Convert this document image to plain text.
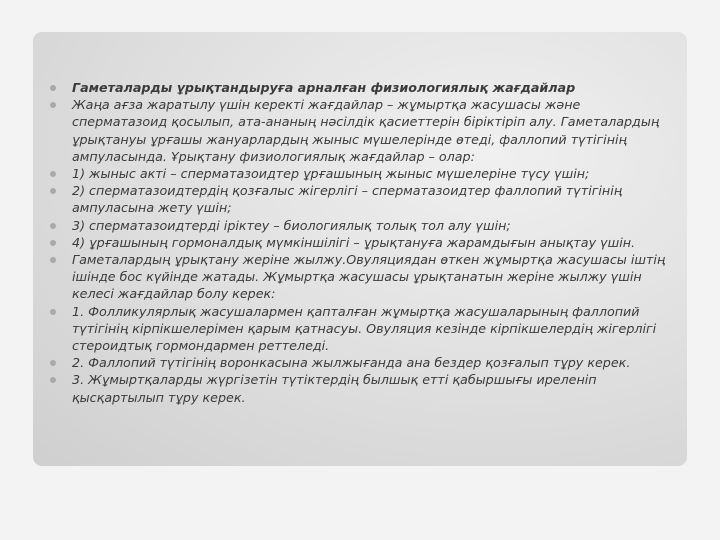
Гаметаларды ұрықтандыруға арналған физиологиялық жағдайлар
Жаңа ағза жаратылу үшін керекті жағдайлар – жұмыртқа жасушасы және сперматазоид қосылып, ата-ананың нәсілдік қасиеттерін біріктіріп алу. Гаметалардың ұрықтануы ұрғашы жануарлардың жыныс мүшелерінде өтеді, фаллопий түтігінің ампуласында. Ұрықтану физиологиялық жағдайлар – олар:
1) жыныс акті – сперматазоидтер ұрғашының жыныс мүшелеріне түсу үшін;
2) сперматазоидтердің қозғалыс жігерлігі – сперматазоидтер фаллопий түтігінің ампуласына жету үшін;
3) сперматазоидтерді іріктеу – биологиялық толық тол алу үшін;
4) ұрғашының гормоналдық мүмкіншілігі – ұрықтануға жарамдығын анықтау үшін.
Гаметалардың ұрықтану жеріне жылжу.Овуляциядан өткен жұмыртқа жасушасы іштің ішінде бос күйінде жатады. Жұмыртқа жасушасы ұрықтанатын жеріне жылжу үшін келесі жағдайлар болу керек:
1. Фолликулярлық жасушалармен қапталған жұмыртқа жасушаларының фаллопий түтігінің кірпікшелерімен қарым қатнасуы. Овуляция кезінде кірпікшелердің жігерлігі стероидтық гормондармен реттеледі.
2. Фаллопий түтігінің воронкасына жылжығанда ана бездер қозғалып тұру керек.
3. Жұмыртқаларды жүргізетін түтіктердің былшық етті қабыршығы иреленіп қысқартылып тұру керек.
